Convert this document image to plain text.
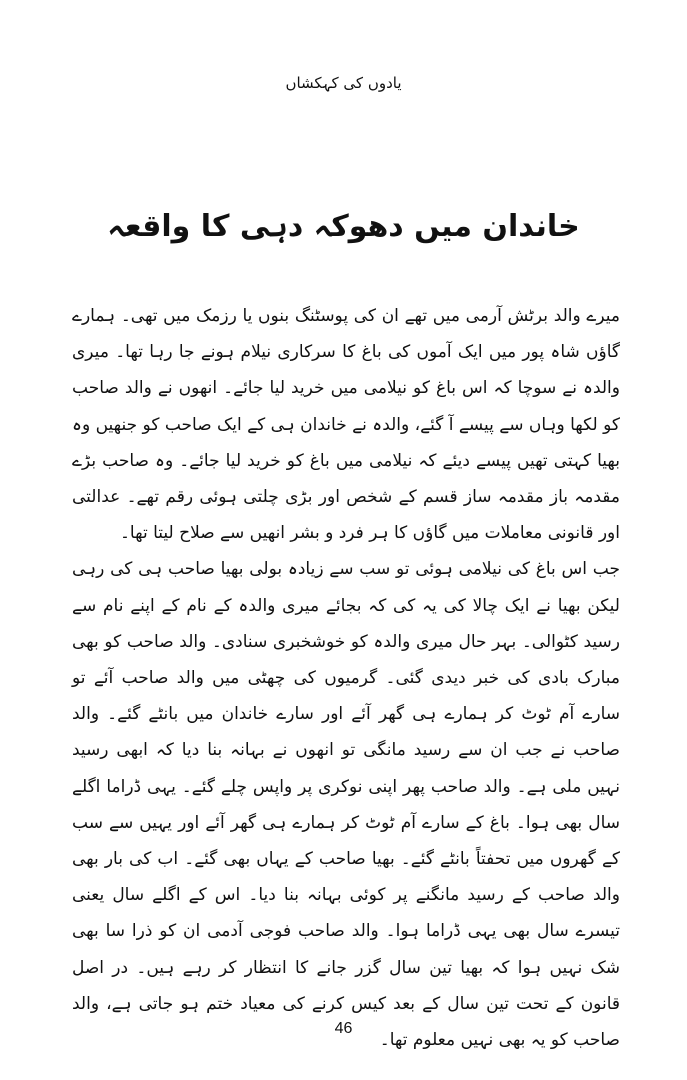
یادوں کی کہکشاں
خاندان میں دھوکہ دہی کا واقعہ

میرے والد برٹش آرمی میں تھے ان کی پوسٹنگ بنوں یا رزمک میں تھی۔ ہمارے گاؤں شاہ پور میں ایک آموں کی باغ کا سرکاری نیلام ہونے جا رہا تھا۔ میری والدہ نے سوچا کہ اس باغ کو نیلامی میں خرید لیا جائے۔ انھوں نے والد صاحب کو لکھا وہاں سے پیسے آ گئے، والدہ نے خاندان ہی کے ایک صاحب کو جنھیں وہ بھیا کہتی تھیں پیسے دیئے کہ نیلامی میں باغ کو خرید لیا جائے۔ وہ صاحب بڑے مقدمہ باز مقدمہ ساز قسم کے شخص اور بڑی چلتی ہوئی رقم تھے۔ عدالتی اور قانونی معاملات میں گاؤں کا ہر فرد و بشر انھیں سے صلاح لیتا تھا۔

جب اس باغ کی نیلامی ہوئی تو سب سے زیادہ بولی بھیا صاحب ہی کی رہی لیکن بھیا نے ایک چالا کی یہ کی کہ بجائے میری والدہ کے نام کے اپنے نام سے رسید کٹوالی۔ بہر حال میری والدہ کو خوشخبری سنادی۔ والد صاحب کو بھی مبارک بادی کی خبر دیدی گئی۔ گرمیوں کی چھٹی میں والد صاحب آئے تو سارے آم ٹوٹ کر ہمارے ہی گھر آئے اور سارے خاندان میں بانٹے گئے۔ والد صاحب نے جب ان سے رسید مانگی تو انھوں نے بہانہ بنا دیا کہ ابھی رسید نہیں ملی ہے۔ والد صاحب پھر اپنی نوکری پر واپس چلے گئے۔ یہی ڈراما اگلے سال بھی ہوا۔ باغ کے سارے آم ٹوٹ کر ہمارے ہی گھر آئے اور یہیں سے سب کے گھروں میں تحفتاً بانٹے گئے۔ بھیا صاحب کے یہاں بھی گئے۔ اب کی بار بھی والد صاحب کے رسید مانگنے پر کوئی بہانہ بنا دیا۔ اس کے اگلے سال یعنی تیسرے سال بھی یہی ڈراما ہوا۔ والد صاحب فوجی آدمی ان کو ذرا سا بھی شک نہیں ہوا کہ بھیا تین سال گزر جانے کا انتظار کر رہے ہیں۔ در اصل قانون کے تحت تین سال کے بعد کیس کرنے کی معیاد ختم ہو جاتی ہے، والد صاحب کو یہ بھی نہیں معلوم تھا۔

46
